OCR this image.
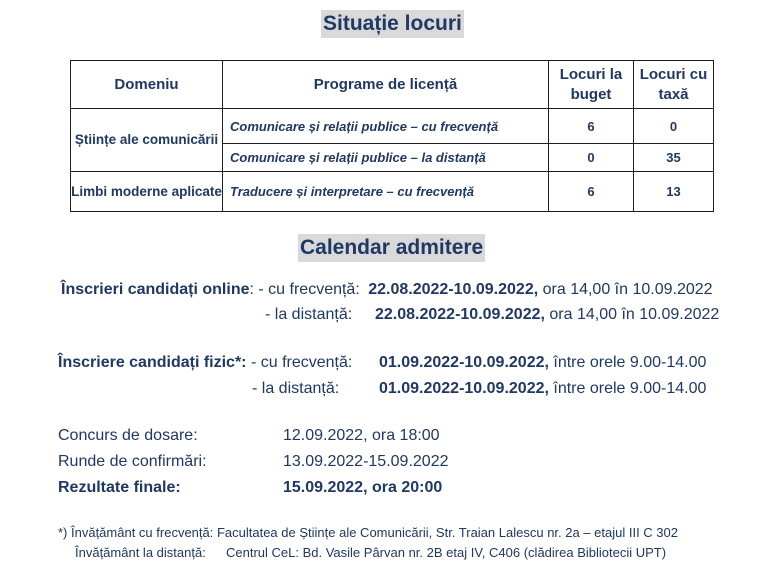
Situație locuri
Domeniu	Programe de licență	Locuri la buget	Locuri cu taxă
Științe ale comunicării	Comunicare și relații publice – cu frecvență	6	0
	Comunicare și relații publice – la distanță	0	35
Limbi moderne aplicate	Traducere și interpretare – cu frecvență	6	13
Calendar admitere
Înscrieri candidați online: - cu frecvență: 22.08.2022-10.09.2022, ora 14,00 în 10.09.2022
- la distanță: 22.08.2022-10.09.2022, ora 14,00 în 10.09.2022
Înscriere candidați fizic*: - cu frecvență: 01.09.2022-10.09.2022, între orele 9.00-14.00
- la distanță: 01.09.2022-10.09.2022, între orele 9.00-14.00
Concurs de dosare:	12.09.2022, ora 18:00
Runde de confirmări:	13.09.2022-15.09.2022
Rezultate finale:	15.09.2022, ora 20:00
*) Învățământ cu frecvență: Facultatea de Științe ale Comunicării, Str. Traian Lalescu nr. 2a – etajul III C 302
Învățământ la distanță: Centrul CeL: Bd. Vasile Pârvan nr. 2B etaj IV, C406 (clădirea Bibliotecii UPT)
